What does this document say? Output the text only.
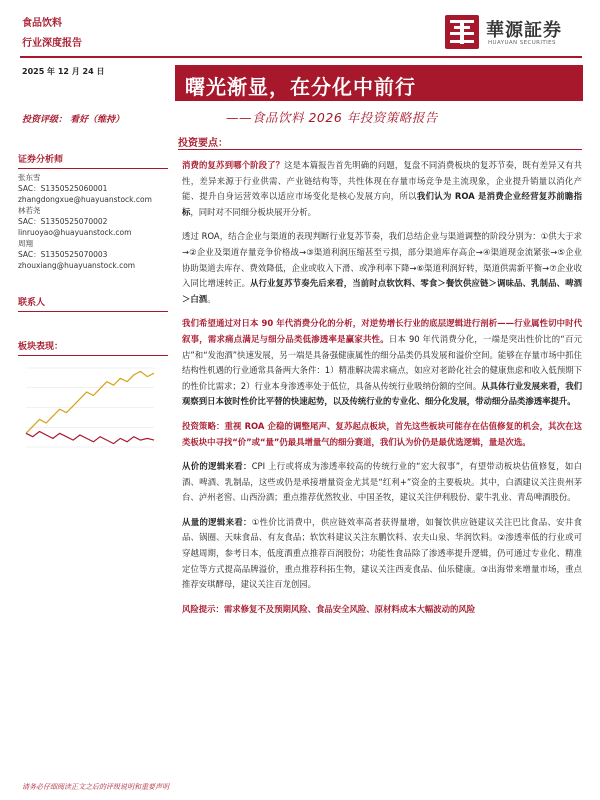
食品饮料
行业深度报告
華源証券
HUAYUAN SECURITIES
2025 年 12 月 24 日
曙光渐显，在分化中前行
投资评级： 看好（维持）	——食品饮料 2026 年投资策略报告
投资要点：
证券分析师
张东雪
SAC：S1350525060001
zhangdongxue@huayuanstock.com
林若尧
SAC：S1350525070002
linruoyao@huayuanstock.com
周翔
SAC：S1350525070003
zhouxiang@huayuanstock.com
联系人
板块表现：

消费的复苏到哪个阶段了？这是本篇报告首先明确的问题，复盘不同消费板块的复苏节奏，既有差异又有共性，差异来源于行业供需、产业链结构等，共性体现在存量市场竞争是主流现象，企业提升销量以消化产能、提升自身运营效率以适应市场变化是核心发展方向，所以我们认为 ROA 是消费企业经营复苏前瞻指标，同时对不同细分板块展开分析。

透过 ROA，结合企业与渠道的表现判断行业复苏节奏，我们总结企业与渠道调整的阶段分别为：①供大于求→②企业及渠道存量竞争价格战→③渠道利润压缩甚至亏损，部分渠道库存高企→④渠道现金流紧张→⑤企业协助渠道去库存、费效降低，企业或收入下滑、或净利率下降→⑥渠道利润好转，渠道供需新平衡→⑦企业收入同比增速转正。从行业复苏节奏先后来看，当前时点软饮料、零食＞餐饮供应链＞调味品、乳制品、啤酒＞白酒。

我们希望通过对日本 90 年代消费分化的分析，对逆势增长行业的底层逻辑进行剖析——行业属性切中时代叙事，需求痛点满足与细分品类低渗透率是赢家共性。日本 90 年代消费分化，一端是突出性价比的“百元店”和“发泡酒”快速发展，另一端是具备强健康属性的细分品类仍具发展和溢价空间。能够在存量市场中抓住结构性机遇的行业通常具备两大条件：1）精准解决需求痛点，如应对老龄化社会的健康焦虑和收入低预期下的性价比需求；2）行业本身渗透率处于低位，具备从传统行业吸纳份额的空间。从具体行业发展来看，我们观察到日本彼时性价比平替的快速起势，以及传统行业的专业化、细分化发展，带动细分品类渗透率提升。

投资策略：重视 ROA 企稳的调整尾声、复苏起点板块，首先这些板块可能存在估值修复的机会，其次在这类板块中寻找“价”或“量”仍最具增量气的细分赛道，我们认为价仍是最优选逻辑，量是次选。

从价的逻辑来看：CPI 上行或将成为渗透率较高的传统行业的“宏大叙事”，有望带动板块估值修复，如白酒、啤酒、乳制品，这些或仍是承接增量资金尤其是“红利+”资金的主要板块。其中，白酒建议关注贵州茅台、泸州老窖、山西汾酒；重点推荐优然牧业、中国圣牧，建议关注伊利股份、蒙牛乳业、青岛啤酒股份。

从量的逻辑来看：①性价比消费中，供应链效率高者获得量增，如餐饮供应链建议关注巴比食品、安井食品、锅圈、天味食品、有友食品；软饮料建议关注东鹏饮料、农夫山泉、华润饮料。②渗透率低的行业或可穿越周期，参考日本，低度酒重点推荐百润股份；功能性食品除了渗透率提升逻辑，仍可通过专业化、精准定位等方式提高品牌溢价，重点推荐科拓生物，建议关注西麦食品、仙乐健康。③出海带来增量市场，重点推荐安琪酵母，建议关注百龙创园。

风险提示：需求修复不及预期风险、食品安全风险、原材料成本大幅波动的风险

请务必仔细阅读正文之后的评级说明和重要声明
